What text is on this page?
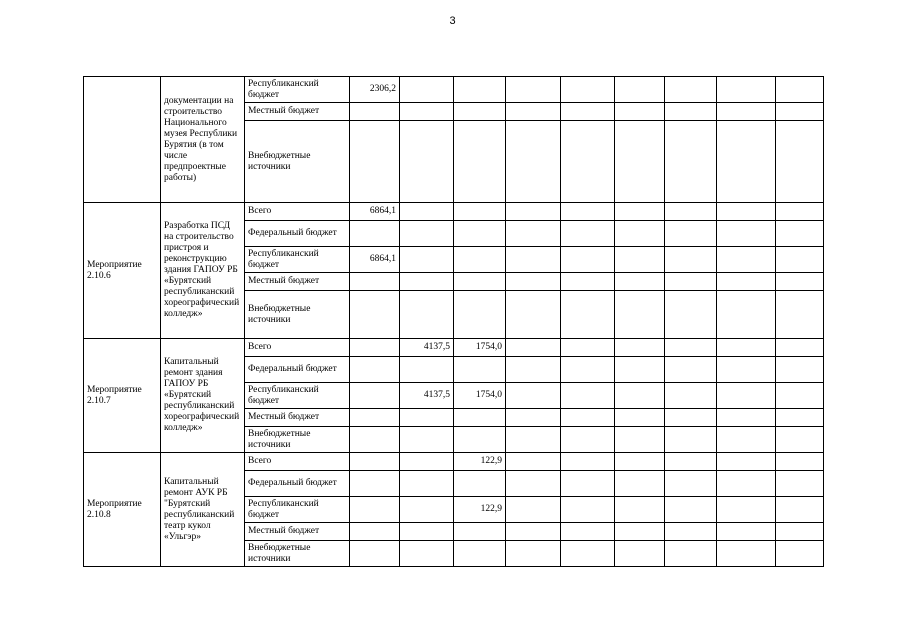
3
	документации на строительство Национального музея Республики Бурятия (в том числе предпроектные работы)	Республиканский бюджет	2306,2									
		Местный бюджет										
		Внебюджетные источники										
Мероприятие 2.10.6	Разработка ПСД на строительство пристроя и реконструкцию здания ГАПОУ РБ «Бурятский республиканский хореографический колледж»	Всего	6864,1									
		Федеральный бюджет										
		Республиканский бюджет	6864,1									
		Местный бюджет										
		Внебюджетные источники										
Мероприятие 2.10.7	Капитальный ремонт здания ГАПОУ РБ «Бурятский республиканский хореографический колледж»	Всего		4137,5	1754,0							
		Федеральный бюджет										
		Республиканский бюджет		4137,5	1754,0							
		Местный бюджет										
		Внебюджетные источники										
Мероприятие 2.10.8	Капитальный ремонт АУК РБ "Бурятский республиканский театр кукол «Ульгэр»	Всего			122,9							
		Федеральный бюджет										
		Республиканский бюджет			122,9							
		Местный бюджет										
		Внебюджетные источники										
